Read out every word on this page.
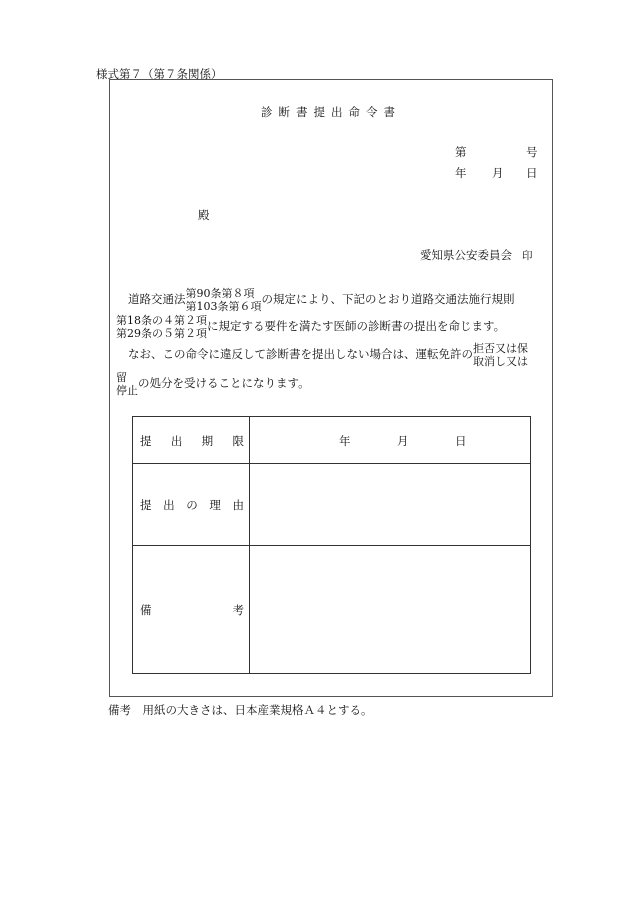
様式第７（第７条関係）
診断書提出命令書
第	号
年 月 日
殿
愛知県公安委員会 印
道路交通法 第90条第８項
第103条第６項
の規定により、下記のとおり道路交通法施行規則
第18条の４第２項
第29条の５第２項
に規定する要件を満たす医師の診断書の提出を命じます。
なお、この命令に違反して診断書を提出しない場合は、運転免許の 拒否又は保
取消し又は
留
停止
の処分を受けることになります。
提出期限	年	月	日
提出の理由
備考
備考　用紙の大きさは、日本産業規格Ａ４とする。
